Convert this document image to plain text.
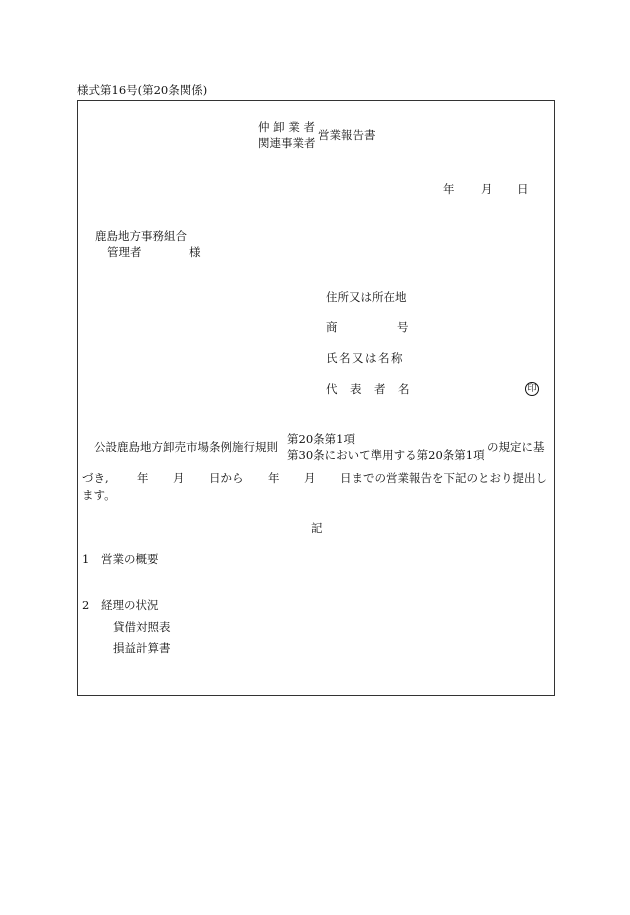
様式第16号(第20条関係)
仲 卸 業 者
関連事業者
営業報告書
年 月 日
鹿島地方事務組合
管理者	様
住所又は所在地
商	号
氏名又は名称
代 表 者 名	印
公設鹿島地方卸売市場条例施行規則
第20条第1項
第30条において準用する第20条第1項
の規定に基
づき, 年 月 日から 年 月 日までの営業報告を下記のとおり提出し
ます。
記
1 営業の概要
2 経理の状況
貸借対照表
損益計算書
